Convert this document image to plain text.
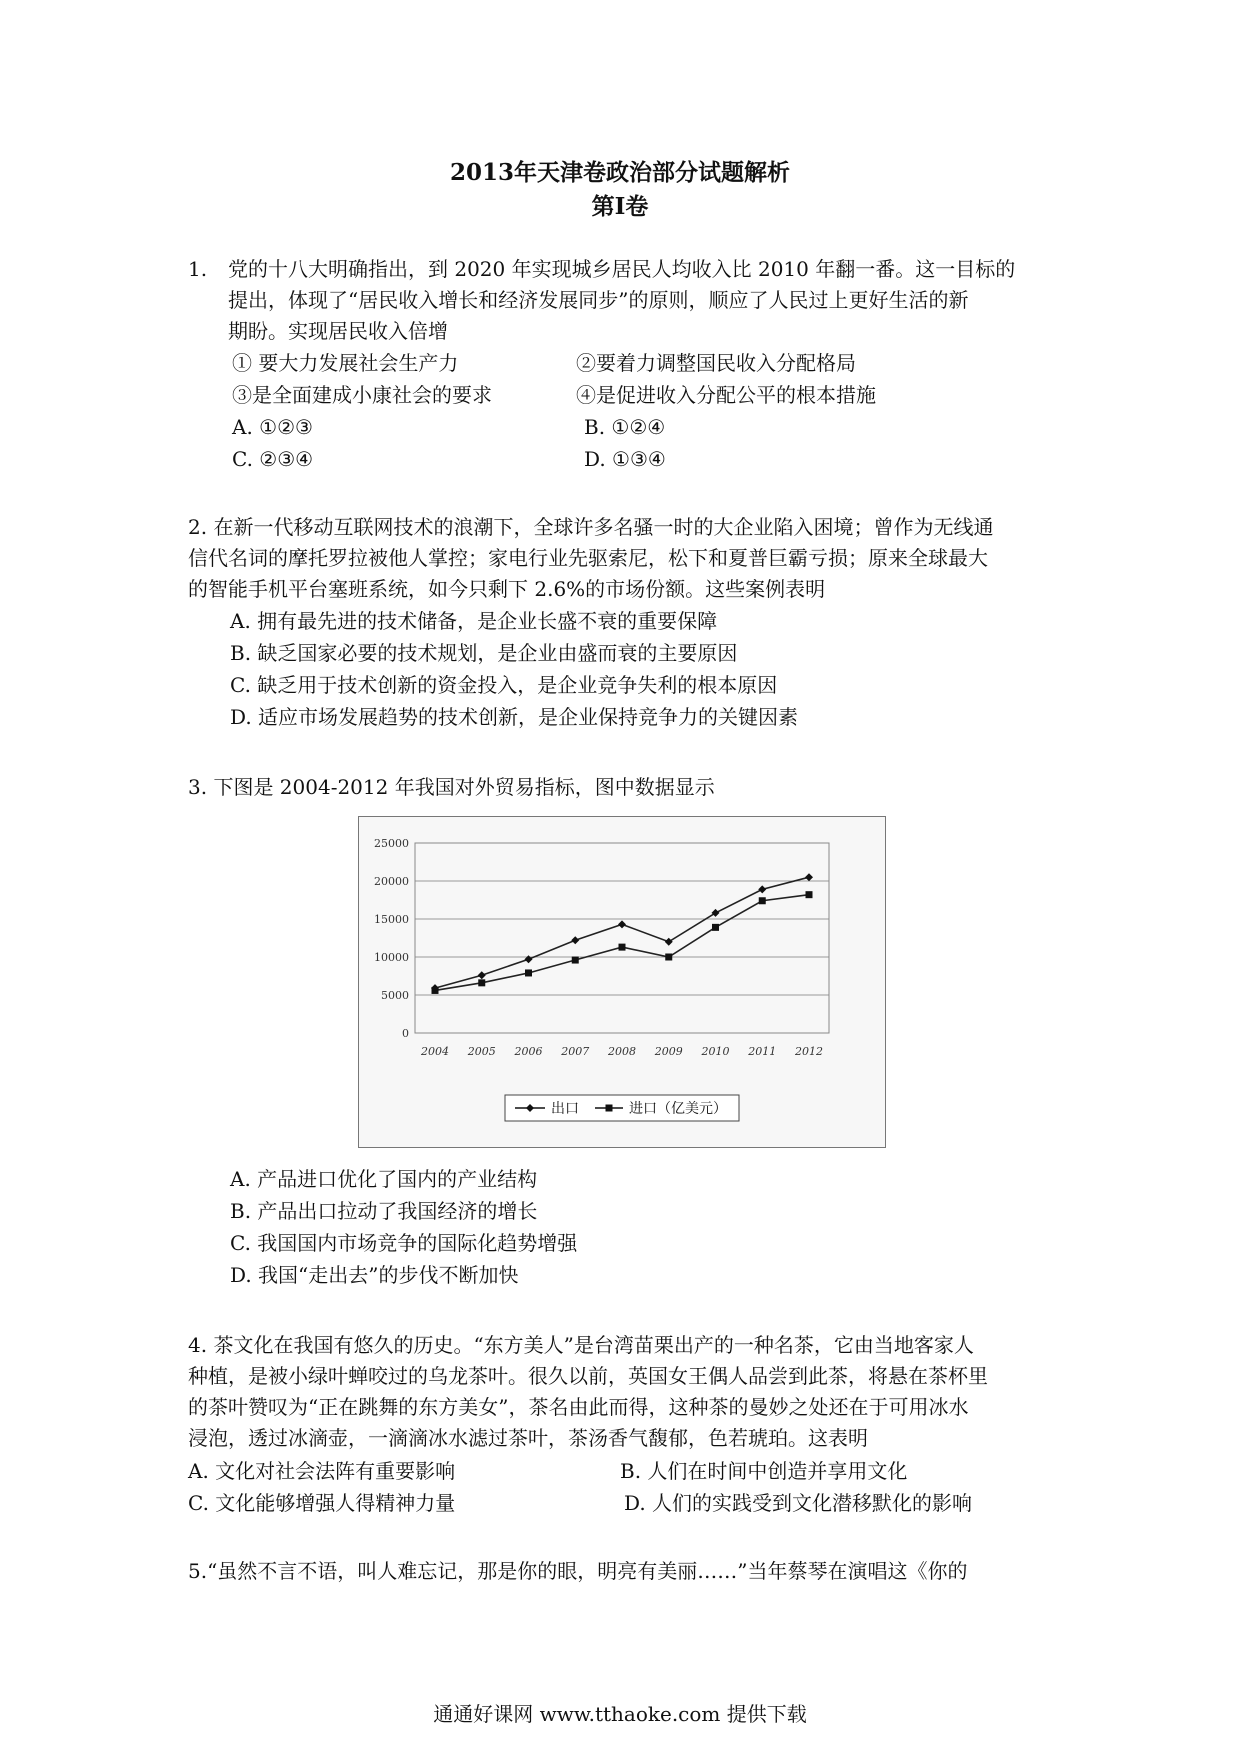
2013年天津卷政治部分试题解析
第Ⅰ卷
1. 党的十八大明确指出，到 2020 年实现城乡居民人均收入比 2010 年翻一番。这一目标的
提出，体现了“居民收入增长和经济发展同步”的原则，顺应了人民过上更好生活的新
期盼。实现居民收入倍增
① 要大力发展社会生产力	②要着力调整国民收入分配格局
③是全面建成小康社会的要求	④是促进收入分配公平的根本措施
A. ①②③	B. ①②④
C. ②③④	D. ①③④
2. 在新一代移动互联网技术的浪潮下，全球许多名骚一时的大企业陷入困境；曾作为无线通
信代名词的摩托罗拉被他人掌控；家电行业先驱索尼，松下和夏普巨霸亏损；原来全球最大
的智能手机平台塞班系统，如今只剩下 2.6%的市场份额。这些案例表明
A. 拥有最先进的技术储备，是企业长盛不衰的重要保障
B. 缺乏国家必要的技术规划，是企业由盛而衰的主要原因
C. 缺乏用于技术创新的资金投入，是企业竞争失利的根本原因
D. 适应市场发展趋势的技术创新，是企业保持竞争力的关键因素
3. 下图是 2004-2012 年我国对外贸易指标，图中数据显示
0
5000
10000
15000
20000
25000
2004 2005 2006 2007 2008 2009 2010 2011 2012
出口	进口（亿美元）
A. 产品进口优化了国内的产业结构
B. 产品出口拉动了我国经济的增长
C. 我国国内市场竞争的国际化趋势增强
D. 我国“走出去”的步伐不断加快
4. 茶文化在我国有悠久的历史。“东方美人”是台湾苗栗出产的一种名茶，它由当地客家人
种植，是被小绿叶蝉咬过的乌龙茶叶。很久以前，英国女王偶人品尝到此茶，将悬在茶杯里
的茶叶赞叹为“正在跳舞的东方美女”，茶名由此而得，这种茶的曼妙之处还在于可用冰水
浸泡，透过冰滴壶，一滴滴冰水滤过茶叶，茶汤香气馥郁，色若琥珀。这表明
A. 文化对社会法阵有重要影响	B. 人们在时间中创造并享用文化
C. 文化能够增强人得精神力量	D. 人们的实践受到文化潜移默化的影响
5.“虽然不言不语，叫人难忘记，那是你的眼，明亮有美丽……”当年蔡琴在演唱这《你的
通通好课网 www.tthaoke.com 提供下载
